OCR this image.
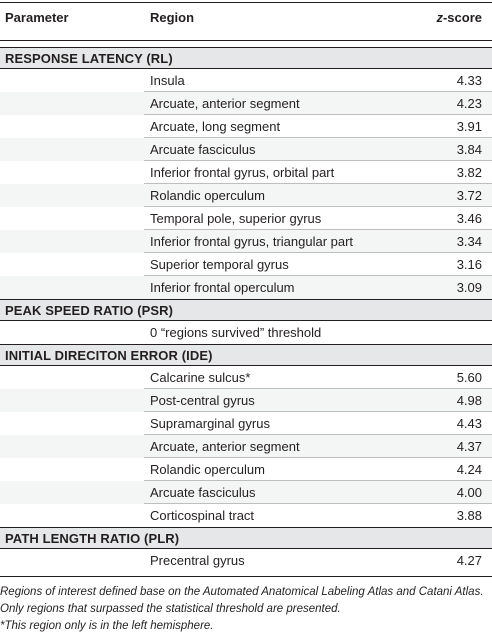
Parameter	Region	z-score
RESPONSE LATENCY (RL)
Insula	4.33
Arcuate, anterior segment	4.23
Arcuate, long segment	3.91
Arcuate fasciculus	3.84
Inferior frontal gyrus, orbital part	3.82
Rolandic operculum	3.72
Temporal pole, superior gyrus	3.46
Inferior frontal gyrus, triangular part	3.34
Superior temporal gyrus	3.16
Inferior frontal operculum	3.09
PEAK SPEED RATIO (PSR)
0 “regions survived” threshold
INITIAL DIRECITON ERROR (IDE)
Calcarine sulcus*	5.60
Post-central gyrus	4.98
Supramarginal gyrus	4.43
Arcuate, anterior segment	4.37
Rolandic operculum	4.24
Arcuate fasciculus	4.00
Corticospinal tract	3.88
PATH LENGTH RATIO (PLR)
Precentral gyrus	4.27
Regions of interest defined base on the Automated Anatomical Labeling Atlas and Catani Atlas. Only regions that surpassed the statistical threshold are presented.
*This region only is in the left hemisphere.
